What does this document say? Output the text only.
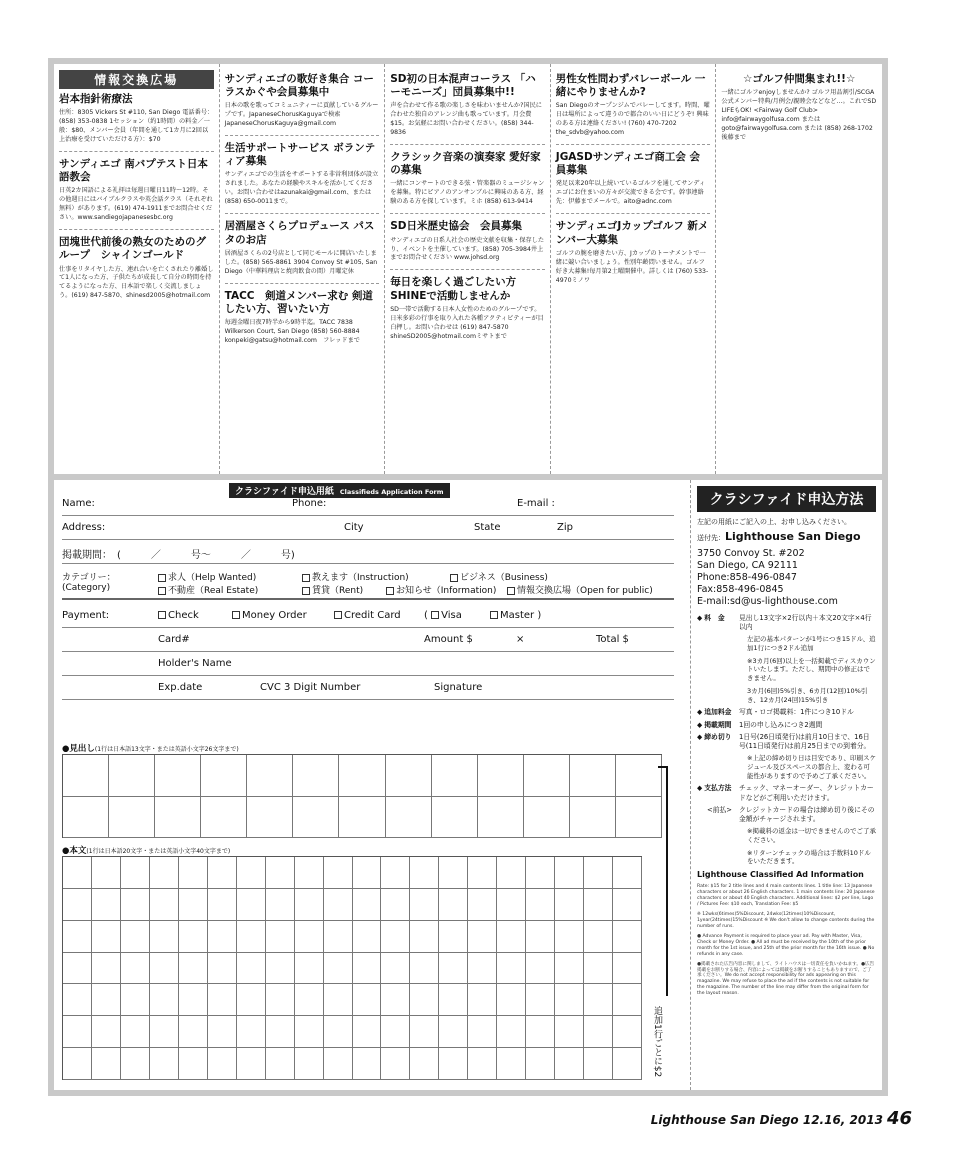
情報交換広場
岩本指針術療法

住所：8305 Vickers St #110, San Diego 電話番号：(858) 353-0838 1セッション（約1時間）の料金／一般：$80、メンバー会員（年間を通して1カ月に2回以上治療を受けていただける方）：$70

サンディエゴ 南バプテスト日本語教会

日英2カ国語による礼拝は毎週日曜日11時〜12時。その他週日にはバイブルクラスや英会話クラス（それぞれ無料）があります。(619) 474-1911までお問合せください。www.sandiegojapanesesbc.org

団塊世代前後の熟女のためのグループ　シャインゴールド

仕事をリタイヤした方、連れ合いを亡くされたり離婚して1人になった方、子供たちが成長して自分の時間を持てるようになった方、日本語で楽しく交流しましょう。(619) 847-5870、shinesd2005@hotmail.com

サンディエゴの歌好き集合 コーラスかぐや会員募集中

日本の歌を歌ってコミュニティーに貢献しているグループです。JapaneseChorusKaguyaで検索　JapaneseChorusKaguya@gmail.com

生活サポートサービス ボランティア募集

サンディエゴでの生活をサポートする非営利団体が設立されました。あなたの経験やスキルを活かしてください。お問い合わせはazunakai@gmail.com、または (858) 650-0011まで。

居酒屋さくらプロデュース パスタのお店

居酒屋さくらの2号店として同じモールに開店いたしました。(858) 565-8861 3904 Convoy St #105, San Diego（中華料理店と焼肉飲食の間）月曜定休

TACC　剣道メンバー求む 剣道したい方、習いたい方

毎週金曜日夜7時半から9時半迄。TACC 7838 Wilkerson Court, San Diego (858) 560-8884 konpeki@gatsu@hotmail.com　フレッドまで

SD初の日本混声コーラス 「ハーモニーズ」団員募集中!!

声を合わせて作る歌の楽しさを味わいませんか?国民に合わせた独自のアレンジ曲も歌っています。月会費$15。お気軽にお問い合わせください。(858) 344-9836

クラシック音楽の演奏家 愛好家の募集

一緒にコンサートのできる弦・管楽器のミュージシャンを募集。特にピアノのアンサンブルに興味のある方、経験のある方を探しています。ミホ (858) 613-9414

SD日米歴史協会　会員募集

サンディエゴの日系人社会の歴史文献を収集・保存したり、イベントを主催しています。(858) 705-3984井上までお問合せください www.johsd.org

毎日を楽しく過ごしたい方 SHINEで活動しませんか

SD一帯で活動する日本人女性のためのグループです。日米多彩の行事を取り入れた各種アクティビティーが目白押し。お問い合わせは (619) 847-5870 shineSD2005@hotmail.comミサトまで

男性女性問わずバレーボール 一緒にやりませんか?

San Diegoのオープンジムでバレーしてます。時間、曜日は場所によって違うので都合のいい日にどうぞ! 興味のある方は連絡ください! (760) 470-7202　the_sdvb@yahoo.com

JGASDサンディエゴ商工会 会員募集

発足以来20年以上続いているゴルフを通してサンディエゴにお住まいの方々が交流できる会です。幹事連絡先：伊藤までメールで。aito@adnc.com

サンディエゴJカップゴルフ 新メンバー大募集

ゴルフの腕を磨きたい方、Jカップのトーナメントで一緒に競い合いましょう。性別年齢問いません。ゴルフ好き大募集!毎月第2土曜開催中。詳しくは (760) 533-4970ミノワ

☆ゴルフ仲間集まれ!!☆

一緒にゴルフenjoyしませんか? ゴルフ用品割引/SCGA公式メンバー特典/月例会/親睦会などなど…。これでSD LIFEもOK! <Fairway Golf Club> info@fairwaygolfusa.com または goto@fairwaygolfusa.com または (858) 268-1702後藤まで

クラシファイド申込用紙 Classifieds Application Form
Name:	Phone:	E-mail :
Address:	City	State	Zip
掲載期間：　(　　　／　　　号〜　　　／　　　号)
カテゴリー：
(Category)
求人（Help Wanted)	教えます（Instruction)	ビジネス（Business)
不動産（Real Estate)	賃貸（Rent)	お知らせ（Information)	情報交換広場（Open for public)
Payment:	Check	Money Order	Credit Card ( Visa	Master )
Card#	Amount $	×	Total $
Holder's Name
Exp.date	CVC 3 Digit Number	Signature
●見出し(1行は日本語13文字・または英語小文字26文字まで)
●本文(1行は日本語20文字・または英語小文字40文字まで)
追加1行ごとに$2
クラシファイド申込方法

左記の用紙にご記入の上、お申し込みください。

送付先：Lighthouse San Diego

3750 Convoy St. #202
San Diego, CA 92111
Phone:858-496-0847
Fax:858-496-0845
E-mail:sd@us-lighthouse.com
◆ 料　金	見出し13文字×2行以内＋本文20文字×4行以内
左記の基本パターンが1号につき15ドル、追加1行につき2ドル追加
※3カ月(6回)以上を一括掲載でディスカウントいたします。ただし、期間中の修正はできません。
3カ月(6回)5%引き、6カ月(12回)10%引き、12カ月(24回)15%引き
◆ 追加料金	写真・ロゴ掲載料：1件につき10ドル
◆ 掲載期間	1回の申し込みにつき2週間
◆ 締め切り	1日号(26日頃発行)は前月10日まで、16日号(11日頃発行)は前月25日までの到着分。
※上記の締め切り日は目安であり、印刷スケジュール及びスペースの都合上、変わる可能性がありますので予めご了承ください。
◆ 支払方法	チェック、マネーオーダー、クレジットカードなどがご利用いただけます。
<前払>	クレジットカードの場合は締め切り後にその金額がチャージされます。
※掲載料の返金は一切できませんのでご了承ください。
※リターンチェックの場合は手数料10ドルをいただきます。

Lighthouse Classified Ad Information

Rate: $15 for 2 title lines and 4 main contents lines. 1 title line: 13 Japanese characters or about 26 English characters. 1 main contents line: 20 Japanese characters or about 40 English characters. Additional lines: $2 per line, Logo / Pictures Fee: $10 each, Translation Fee: $5
※ 12wks(6times)5%Discount, 24wks(12times)10%Discount, 1year(24times)15%Discount ※ We don't allow to change contents during the number of runs.
● Advance Payment is required to place your ad. Pay with Master, Visa, Check or Money Order. ● All ad must be received by the 10th of the prior month for the 1st issue, and 25th of the prior month for the 16th issue. ● No refunds in any case.
●掲載された広告内容に関しまして、ライトハウスは一切責任を負いかねます。●広告掲載をお断りする場合、内容によっては掲載をお断りすることもありますので、ご了承ください。We do not accept responsibility for ads appearing on this magazine. We may refuse to place the ad if the contents is not suitable for the magazine. The number of the line may differ from the original form for the layout reason.
Lighthouse San Diego 12.16, 2013 46
